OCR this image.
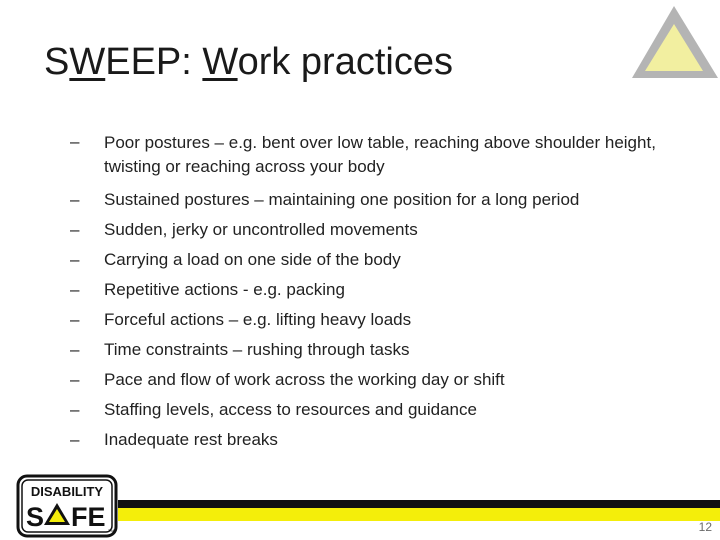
SWEEP: Work practices
– Poor postures – e.g. bent over low table, reaching above shoulder height, twisting or reaching across your body
– Sustained postures – maintaining one position for a long period
– Sudden, jerky or uncontrolled movements
– Carrying a load on one side of the body
– Repetitive actions - e.g. packing
– Forceful actions – e.g. lifting heavy loads
– Time constraints – rushing through tasks
– Pace and flow of work across the working day or shift
– Staffing levels, access to resources and guidance
– Inadequate rest breaks
DISABILITY
S FE TM	12
